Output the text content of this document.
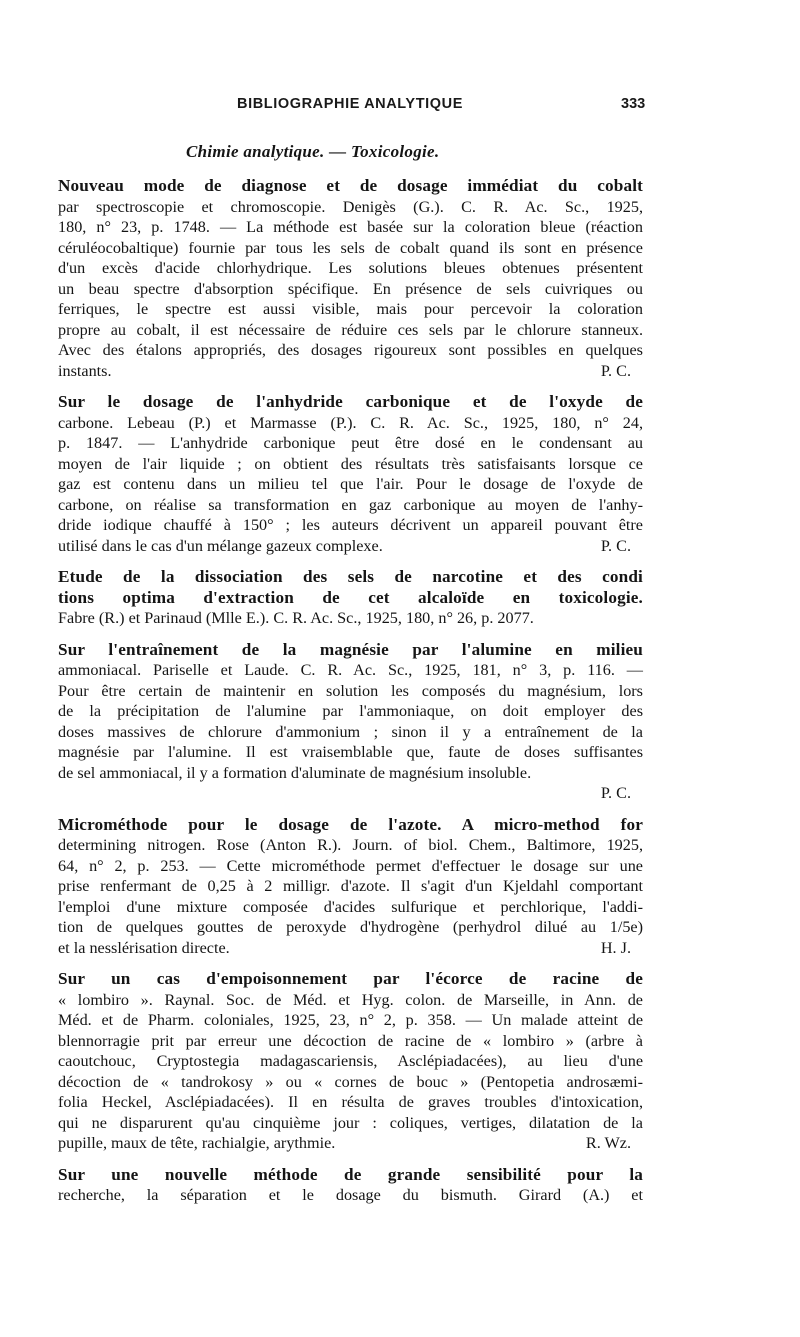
BIBLIOGRAPHIE ANALYTIQUE	333
Chimie analytique. — Toxicologie.
Nouveau mode de diagnose et de dosage immédiat du cobalt
par spectroscopie et chromoscopie. Denigès (G.). C. R. Ac. Sc., 1925,
180, n° 23, p. 1748. — La méthode est basée sur la coloration bleue (réaction
céruléocobaltique) fournie par tous les sels de cobalt quand ils sont en présence
d'un excès d'acide chlorhydrique. Les solutions bleues obtenues présentent
un beau spectre d'absorption spécifique. En présence de sels cuivriques ou
ferriques, le spectre est aussi visible, mais pour percevoir la coloration
propre au cobalt, il est nécessaire de réduire ces sels par le chlorure stanneux.
Avec des étalons appropriés, des dosages rigoureux sont possibles en quelques
instants.	P. C.
Sur le dosage de l'anhydride carbonique et de l'oxyde de
carbone. Lebeau (P.) et Marmasse (P.). C. R. Ac. Sc., 1925, 180, n° 24,
p. 1847. — L'anhydride carbonique peut être dosé en le condensant au
moyen de l'air liquide ; on obtient des résultats très satisfaisants lorsque ce
gaz est contenu dans un milieu tel que l'air. Pour le dosage de l'oxyde de
carbone, on réalise sa transformation en gaz carbonique au moyen de l'anhy-
dride iodique chauffé à 150° ; les auteurs décrivent un appareil pouvant être
utilisé dans le cas d'un mélange gazeux complexe.	P. C.
Etude de la dissociation des sels de narcotine et des condi
tions optima d'extraction de cet alcaloïde en toxicologie.
Fabre (R.) et Parinaud (Mlle E.). C. R. Ac. Sc., 1925, 180, n° 26, p. 2077.
Sur l'entraînement de la magnésie par l'alumine en milieu
ammoniacal. Pariselle et Laude. C. R. Ac. Sc., 1925, 181, n° 3, p. 116. —
Pour être certain de maintenir en solution les composés du magnésium, lors
de la précipitation de l'alumine par l'ammoniaque, on doit employer des
doses massives de chlorure d'ammonium ; sinon il y a entraînement de la
magnésie par l'alumine. Il est vraisemblable que, faute de doses suffisantes
de sel ammoniacal, il y a formation d'aluminate de magnésium insoluble.
P. C.
Microméthode pour le dosage de l'azote. A micro-method for
determining nitrogen. Rose (Anton R.). Journ. of biol. Chem., Baltimore, 1925,
64, n° 2, p. 253. — Cette microméthode permet d'effectuer le dosage sur une
prise renfermant de 0,25 à 2 milligr. d'azote. Il s'agit d'un Kjeldahl comportant
l'emploi d'une mixture composée d'acides sulfurique et perchlorique, l'addi-
tion de quelques gouttes de peroxyde d'hydrogène (perhydrol dilué au 1/5e)
et la nesslérisation directe.	H. J.
Sur un cas d'empoisonnement par l'écorce de racine de
« lombiro ». Raynal. Soc. de Méd. et Hyg. colon. de Marseille, in Ann. de
Méd. et de Pharm. coloniales, 1925, 23, n° 2, p. 358. — Un malade atteint de
blennorragie prit par erreur une décoction de racine de « lombiro » (arbre à
caoutchouc, Cryptostegia madagascariensis, Asclépiadacées), au lieu d'une
décoction de « tandrokosy » ou « cornes de bouc » (Pentopetia androsæmi-
folia Heckel, Asclépiadacées). Il en résulta de graves troubles d'intoxication,
qui ne disparurent qu'au cinquième jour : coliques, vertiges, dilatation de la
pupille, maux de tête, rachialgie, arythmie.	R. Wz.
Sur une nouvelle méthode de grande sensibilité pour la
recherche, la séparation et le dosage du bismuth. Girard (A.) et
